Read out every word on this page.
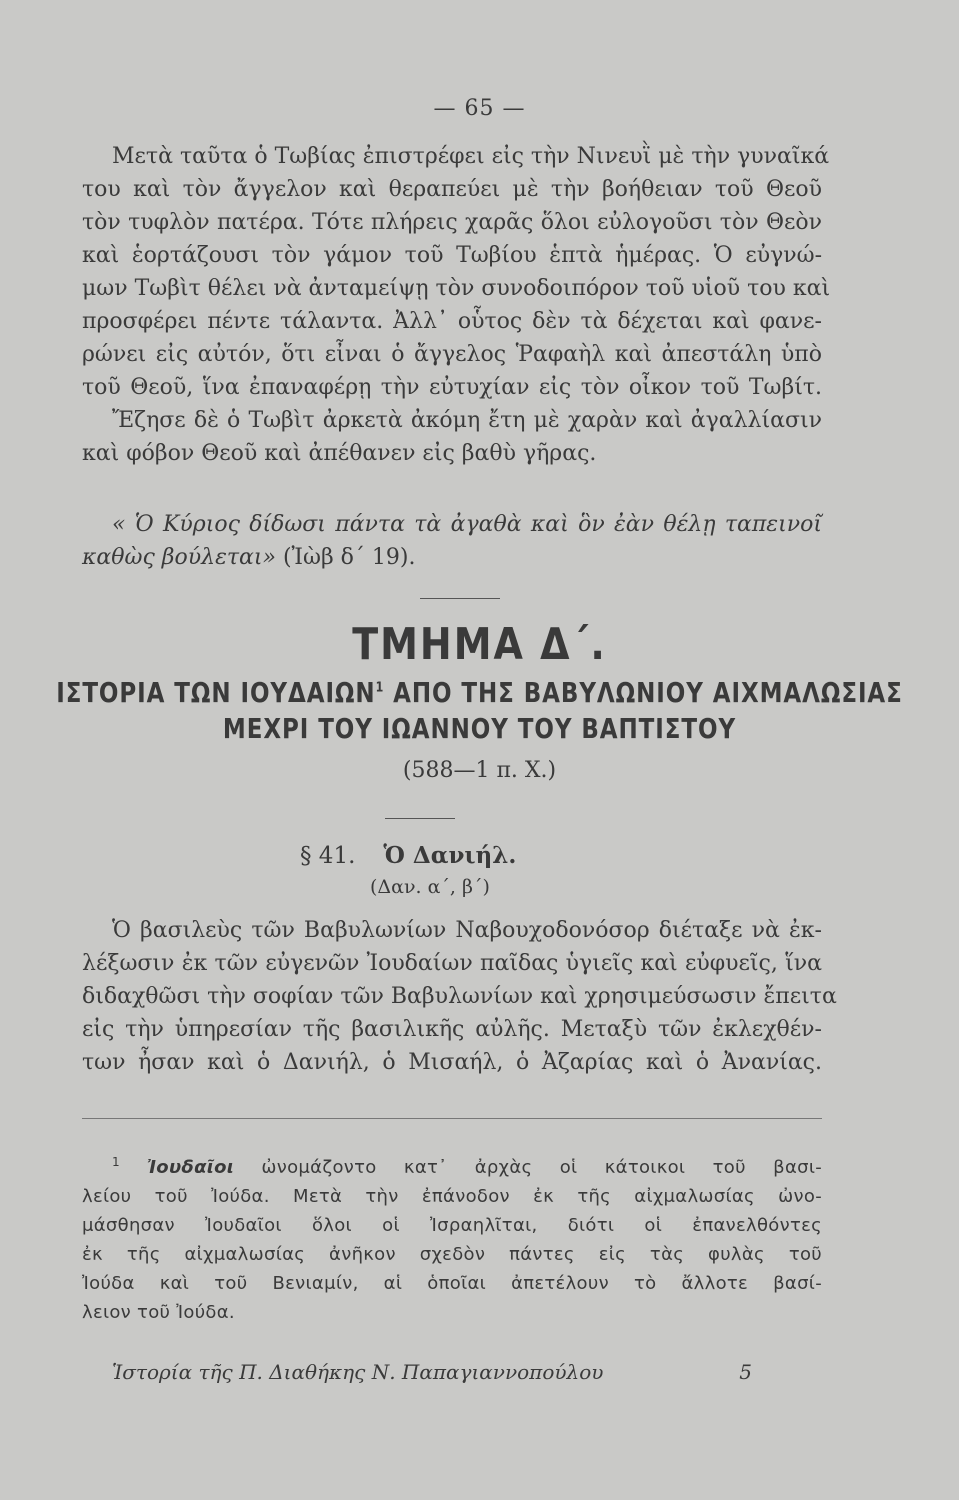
— 65 —
Μετὰ ταῦτα ὁ Τωβίας ἐπιστρέφει εἰς τὴν Νινευῒ μὲ τὴν γυναῖκά
του καὶ τὸν ἄγγελον καὶ θεραπεύει μὲ τὴν βοήθειαν τοῦ Θεοῦ
τὸν τυφλὸν πατέρα. Τότε πλήρεις χαρᾶς ὅλοι εὐλογοῦσι τὸν Θεὸν
καὶ ἑορτάζουσι τὸν γάμον τοῦ Τωβίου ἑπτὰ ἡμέρας. Ὁ εὐγνώ-
μων Τωβὶτ θέλει νὰ ἀνταμείψῃ τὸν συνοδοιπόρον τοῦ υἱοῦ του καὶ
προσφέρει πέντε τάλαντα. Ἀλλ᾽ οὗτος δὲν τὰ δέχεται καὶ φανε-
ρώνει εἰς αὐτόν, ὅτι εἶναι ὁ ἄγγελος Ῥαφαὴλ καὶ ἀπεστάλη ὑπὸ
τοῦ Θεοῦ, ἵνα ἐπαναφέρῃ τὴν εὐτυχίαν εἰς τὸν οἶκον τοῦ Τωβίτ.
Ἔζησε δὲ ὁ Τωβὶτ ἀρκετὰ ἀκόμη ἔτη μὲ χαρὰν καὶ ἀγαλλίασιν
καὶ φόβον Θεοῦ καὶ ἀπέθανεν εἰς βαθὺ γῆρας.
« Ὁ Κύριος δίδωσι πάντα τὰ ἀγαθὰ καὶ ὃν ἐὰν θέλῃ ταπεινοῖ
καθὼς βούλεται» (Ἰὼβ δ΄ 19).
ΤΜΗΜΑ Δ΄.
ΙΣΤΟΡΙΑ ΤΩΝ ΙΟΥΔΑΙΩΝ$^1$ ΑΠΟ ΤΗΣ ΒΑΒΥΛΩΝΙΟΥ ΑΙΧΜΑΛΩΣΙΑΣ
ΜΕΧΡΙ ΤΟΥ ΙΩΑΝΝΟΥ ΤΟΥ ΒΑΠΤΙΣΤΟΥ
(588—1 π. Χ.)
§ 41. Ὁ Δανιήλ.
(Δαν. α΄, β΄)
Ὁ βασιλεὺς τῶν Βαβυλωνίων Ναβουχοδονόσορ διέταξε νὰ ἐκ-
λέξωσιν ἐκ τῶν εὐγενῶν Ἰουδαίων παῖδας ὑγιεῖς καὶ εὐφυεῖς, ἵνα
διδαχθῶσι τὴν σοφίαν τῶν Βαβυλωνίων καὶ χρησιμεύσωσιν ἔπειτα
εἰς τὴν ὑπηρεσίαν τῆς βασιλικῆς αὐλῆς. Μεταξὺ τῶν ἐκλεχθέν-
των ἦσαν καὶ ὁ Δανιήλ, ὁ Μισαήλ, ὁ Ἀζαρίας καὶ ὁ Ἀνανίας.
$^1$ Ἰουδαῖοι ὠνομάζοντο κατ᾽ ἀρχὰς οἱ κάτοικοι τοῦ βασι-
λείου τοῦ Ἰούδα. Μετὰ τὴν ἐπάνοδον ἐκ τῆς αἰχμαλωσίας ὠνο-
μάσθησαν Ἰουδαῖοι ὅλοι οἱ Ἰσραηλῖται, διότι οἱ ἐπανελθόντες
ἐκ τῆς αἰχμαλωσίας ἀνῆκον σχεδὸν πάντες εἰς τὰς φυλὰς τοῦ
Ἰούδα καὶ τοῦ Βενιαμίν, αἱ ὁποῖαι ἀπετέλουν τὸ ἄλλοτε βασί-
λειον τοῦ Ἰούδα.
Ἱστορία τῆς Π. Διαθήκης Ν. Παπαγιαννοπούλου	5
